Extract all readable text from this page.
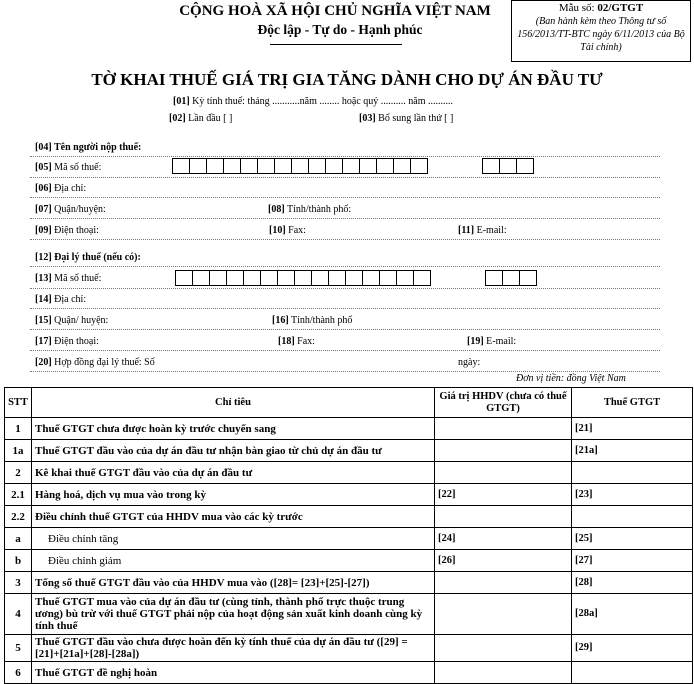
CỘNG HOÀ XÃ HỘI CHỦ NGHĨA VIỆT NAM
Độc lập - Tự do - Hạnh phúc
Mẫu số: 02/GTGT
(Ban hành kèm theo Thông tư số 156/2013/TT-BTC ngày 6/11/2013 của Bộ Tài chính)
TỜ KHAI THUẾ GIÁ TRỊ GIA TĂNG DÀNH CHO DỰ ÁN ĐẦU TƯ
[01] Kỳ tính thuế: tháng ...........năm ........ hoặc quý .......... năm ..........
[02] Lần đầu [ ]	[03] Bổ sung lần thứ [ ]
[04] Tên người nộp thuế:
[05] Mã số thuế:
[06] Địa chỉ:
[07] Quận/huyện:	[08] Tỉnh/thành phố:
[09] Điện thoại:	[10] Fax:	[11] E-mail:
[12] Đại lý thuế (nếu có):
[13] Mã số thuế:
[14] Địa chỉ:
[15] Quận/ huyện:	[16] Tỉnh/thành phố
[17] Điện thoại:	[18] Fax:	[19] E-mail:
[20] Hợp đồng đại lý thuế: Số	ngày:
Đơn vị tiền: đồng Việt Nam
STT	Chỉ tiêu	Giá trị HHDV (chưa có thuế GTGT)	Thuế GTGT
1	Thuế GTGT chưa được hoàn kỳ trước chuyển sang		[21]
1a	Thuế GTGT đầu vào của dự án đầu tư nhận bàn giao từ chủ dự án đầu tư		[21a]
2	Kê khai thuế GTGT đầu vào của dự án đầu tư		
2.1	Hàng hoá, dịch vụ mua vào trong kỳ	[22]	[23]
2.2	Điều chỉnh thuế GTGT của HHDV mua vào các kỳ trước		
a	Điều chỉnh tăng	[24]	[25]
b	Điều chỉnh giảm	[26]	[27]
3	Tổng số thuế GTGT đầu vào của HHDV mua vào ([28]= [23]+[25]-[27])		[28]
4	Thuế GTGT mua vào của dự án đầu tư (cùng tỉnh, thành phố trực thuộc trung ương) bù trừ với thuế GTGT phải nộp của hoạt động sản xuất kinh doanh cùng kỳ tính thuế		[28a]
5	Thuế GTGT đầu vào chưa được hoàn đến kỳ tính thuế của dự án đầu tư ([29] = [21]+[21a]+[28]-[28a])		[29]
6	Thuế GTGT đề nghị hoàn		
